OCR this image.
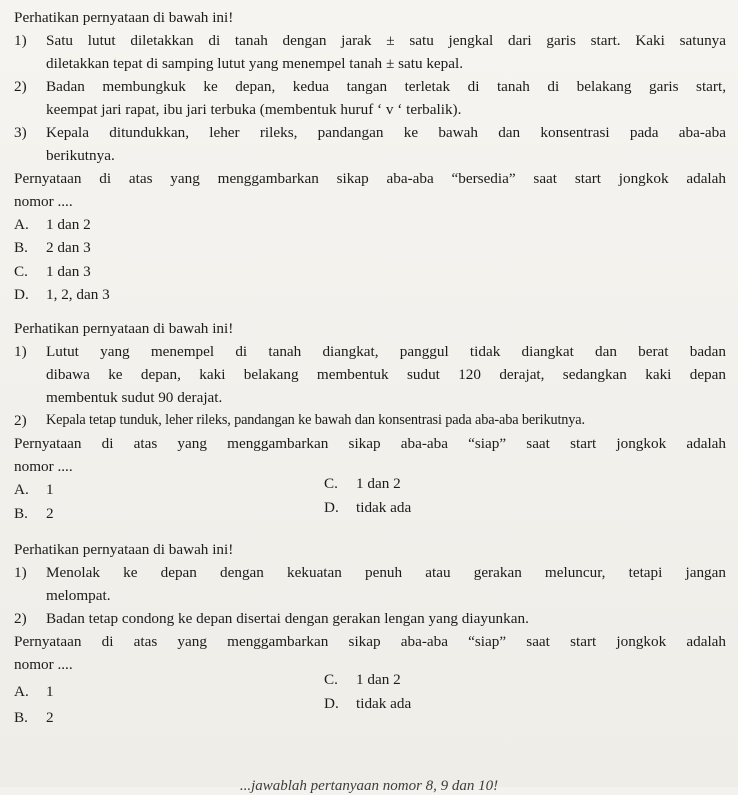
Perhatikan pernyataan di bawah ini!

1) Satu lutut diletakkan di tanah dengan jarak ± satu jengkal dari garis start. Kaki satunya

diletakkan tepat di samping lutut yang menempel tanah ± satu kepal.

2) Badan membungkuk ke depan, kedua tangan terletak di tanah di belakang garis start,

keempat jari rapat, ibu jari terbuka (membentuk huruf ‘ v ‘ terbalik).

3) Kepala ditundukkan, leher rileks, pandangan ke bawah dan konsentrasi pada aba-aba

berikutnya.

Pernyataan di atas yang menggambarkan sikap aba-aba “bersedia” saat start jongkok adalah

nomor ....

A.	1 dan 2
B.	2 dan 3
C.	1 dan 3
D.	1, 2, dan 3

Perhatikan pernyataan di bawah ini!

1) Lutut yang menempel di tanah diangkat, panggul tidak diangkat dan berat badan

dibawa ke depan, kaki belakang membentuk sudut 120 derajat, sedangkan kaki depan

membentuk sudut 90 derajat.

2) Kepala tetap tunduk, leher rileks, pandangan ke bawah dan konsentrasi pada aba-aba berikutnya.

Pernyataan di atas yang menggambarkan sikap aba-aba “siap” saat start jongkok adalah

nomor ....

A.	1
B.	2
C.	1 dan 2
D.	tidak ada

Perhatikan pernyataan di bawah ini!

1) Menolak ke depan dengan kekuatan penuh atau gerakan meluncur, tetapi jangan

melompat.

2) Badan tetap condong ke depan disertai dengan gerakan lengan yang diayunkan.

Pernyataan di atas yang menggambarkan sikap aba-aba “siap” saat start jongkok adalah

nomor ....

A.	1
B.	2
C.	1 dan 2
D.	tidak ada
...jawablah pertanyaan nomor 8, 9 dan 10!
